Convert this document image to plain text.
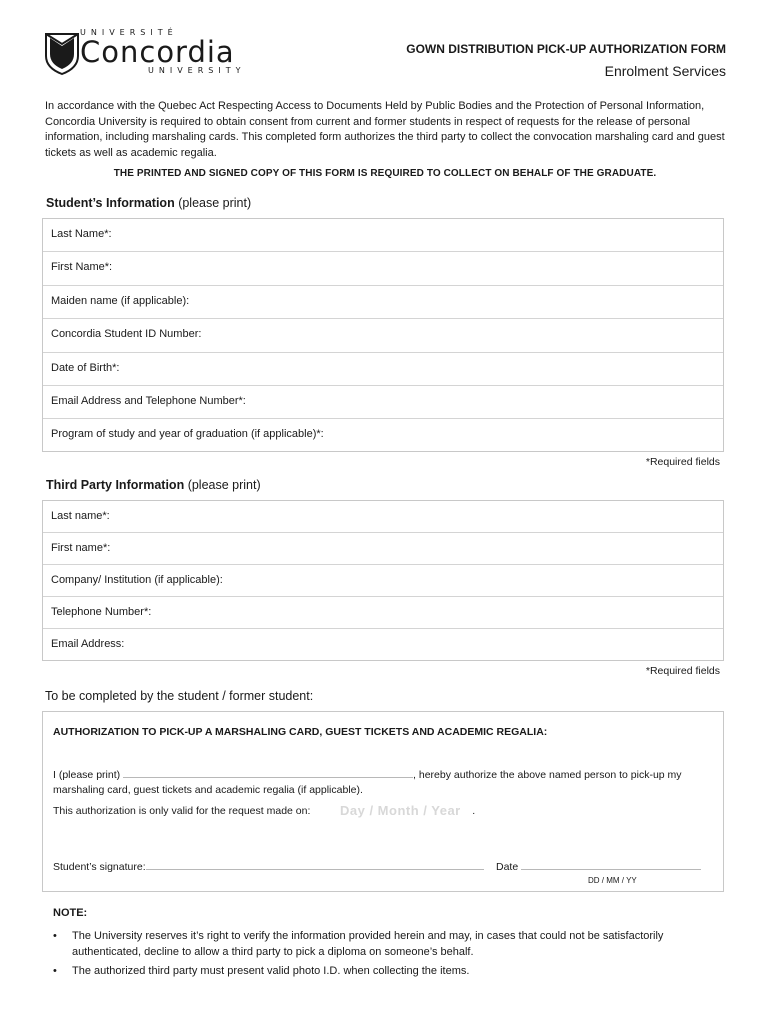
UNIVERSITÉ
Concordia
UNIVERSITY
GOWN DISTRIBUTION PICK-UP AUTHORIZATION FORM
Enrolment Services
In accordance with the Quebec Act Respecting Access to Documents Held by Public Bodies and the Protection of Personal Information, Concordia University is required to obtain consent from current and former students in respect of requests for the release of personal information, including marshaling cards. This completed form authorizes the third party to collect the convocation marshaling card and guest tickets as well as academic regalia.
THE PRINTED AND SIGNED COPY OF THIS FORM IS REQUIRED TO COLLECT ON BEHALF OF THE GRADUATE.
Student’s Information (please print)
Last Name*:
First Name*:
Maiden name (if applicable):
Concordia Student ID Number:
Date of Birth*:
Email Address and Telephone Number*:
Program of study and year of graduation (if applicable)*:
*Required fields
Third Party Information (please print)
Last name*:
First name*:
Company/ Institution (if applicable):
Telephone Number*:
Email Address:
*Required fields
To be completed by the student / former student:
AUTHORIZATION TO PICK-UP A MARSHALING CARD, GUEST TICKETS AND ACADEMIC REGALIA:
I (please print)	, hereby authorize the above named person to pick-up my
marshaling card, guest tickets and academic regalia (if applicable).
This authorization is only valid for the request made on:	.
Day / Month / Year
Student’s signature:	Date
DD / MM / YY
NOTE:
• The University reserves it’s right to verify the information provided herein and may, in cases that could not be satisfactorily authenticated, decline to allow a third party to pick a diploma on someone’s behalf.
• The authorized third party must present valid photo I.D. when collecting the items.
